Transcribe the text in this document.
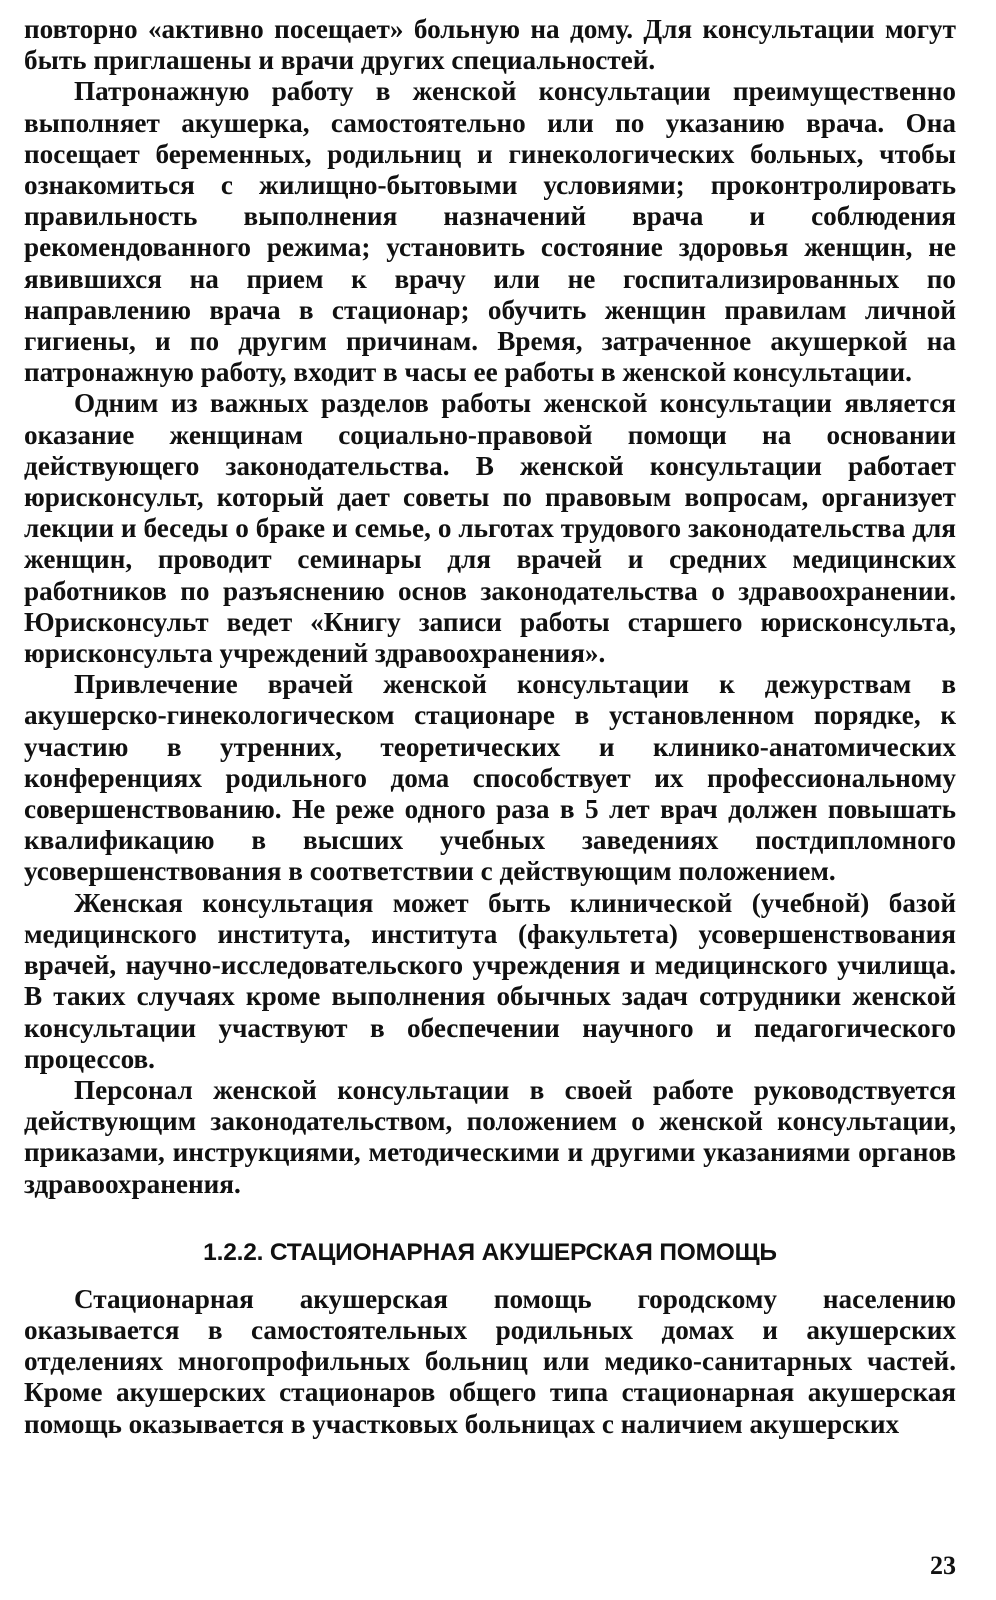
повторно «активно посещает» больную на дому. Для консультации могут быть приглашены и врачи других специальностей.

Патронажную работу в женской консультации преимущественно выполняет акушерка, самостоятельно или по указанию врача. Она посещает беременных, родильниц и гинекологических больных, чтобы ознакомиться с жилищно-бытовыми условиями; проконтролировать правильность выполнения назначений врача и соблюдения рекомендованного режима; установить состояние здоровья женщин, не явившихся на прием к врачу или не госпитализированных по направлению врача в стационар; обучить женщин правилам личной гигиены, и по другим причинам. Время, затраченное акушеркой на патронажную работу, входит в часы ее работы в женской консультации.

Одним из важных разделов работы женской консультации является оказание женщинам социально-правовой помощи на основании действующего законодательства. В женской консультации работает юрисконсульт, который дает советы по правовым вопросам, организует лекции и беседы о браке и семье, о льготах трудового законодательства для женщин, проводит семинары для врачей и средних медицинских работников по разъяснению основ законодательства о здравоохранении. Юрисконсульт ведет «Книгу записи работы старшего юрисконсульта, юрисконсульта учреждений здравоохранения».

Привлечение врачей женской консультации к дежурствам в акушерско-гинекологическом стационаре в установленном порядке, к участию в утренних, теоретических и клинико-анатомических конференциях родильного дома способствует их профессиональному совершенствованию. Не реже одного раза в 5 лет врач должен повышать квалификацию в высших учебных заведениях постдипломного усовершенствования в соответствии с действующим положением.

Женская консультация может быть клинической (учебной) базой медицинского института, института (факультета) усовершенствования врачей, научно-исследовательского учреждения и медицинского училища. В таких случаях кроме выполнения обычных задач сотрудники женской консультации участвуют в обеспечении научного и педагогического процессов.

Персонал женской консультации в своей работе руководствуется действующим законодательством, положением о женской консультации, приказами, инструкциями, методическими и другими указаниями органов здравоохранения.

1.2.2. СТАЦИОНАРНАЯ АКУШЕРСКАЯ ПОМОЩЬ

Стационарная акушерская помощь городскому населению оказывается в самостоятельных родильных домах и акушерских отделениях многопрофильных больниц или медико-санитарных частей. Кроме акушерских стационаров общего типа стационарная акушерская помощь оказывается в участковых больницах с наличием акушерских

23
